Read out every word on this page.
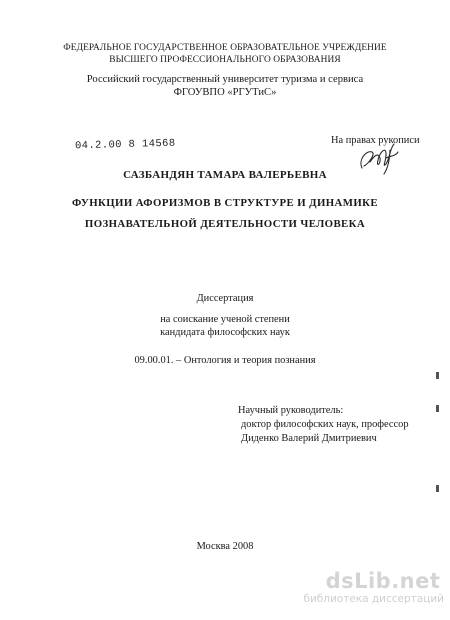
ФЕДЕРАЛЬНОЕ ГОСУДАРСТВЕННОЕ ОБРАЗОВАТЕЛЬНОЕ УЧРЕЖДЕНИЕ
ВЫСШЕГО ПРОФЕССИОНАЛЬНОГО ОБРАЗОВАНИЯ
Российский государственный университет туризма и сервиса
ФГОУВПО «РГУТиС»
04.2.00 8 14568	На правах рукописи
САЗБАНДЯН ТАМАРА ВАЛЕРЬЕВНА
ФУНКЦИИ АФОРИЗМОВ В СТРУКТУРЕ И ДИНАМИКЕ
ПОЗНАВАТЕЛЬНОЙ ДЕЯТЕЛЬНОСТИ ЧЕЛОВЕКА
Диссертация
на соискание ученой степени
кандидата философских наук
09.00.01. – Онтология и теория познания
Научный руководитель:
доктор философских наук, профессор
Диденко Валерий Дмитриевич
Москва 2008
dsLib.net
библиотека диссертаций
